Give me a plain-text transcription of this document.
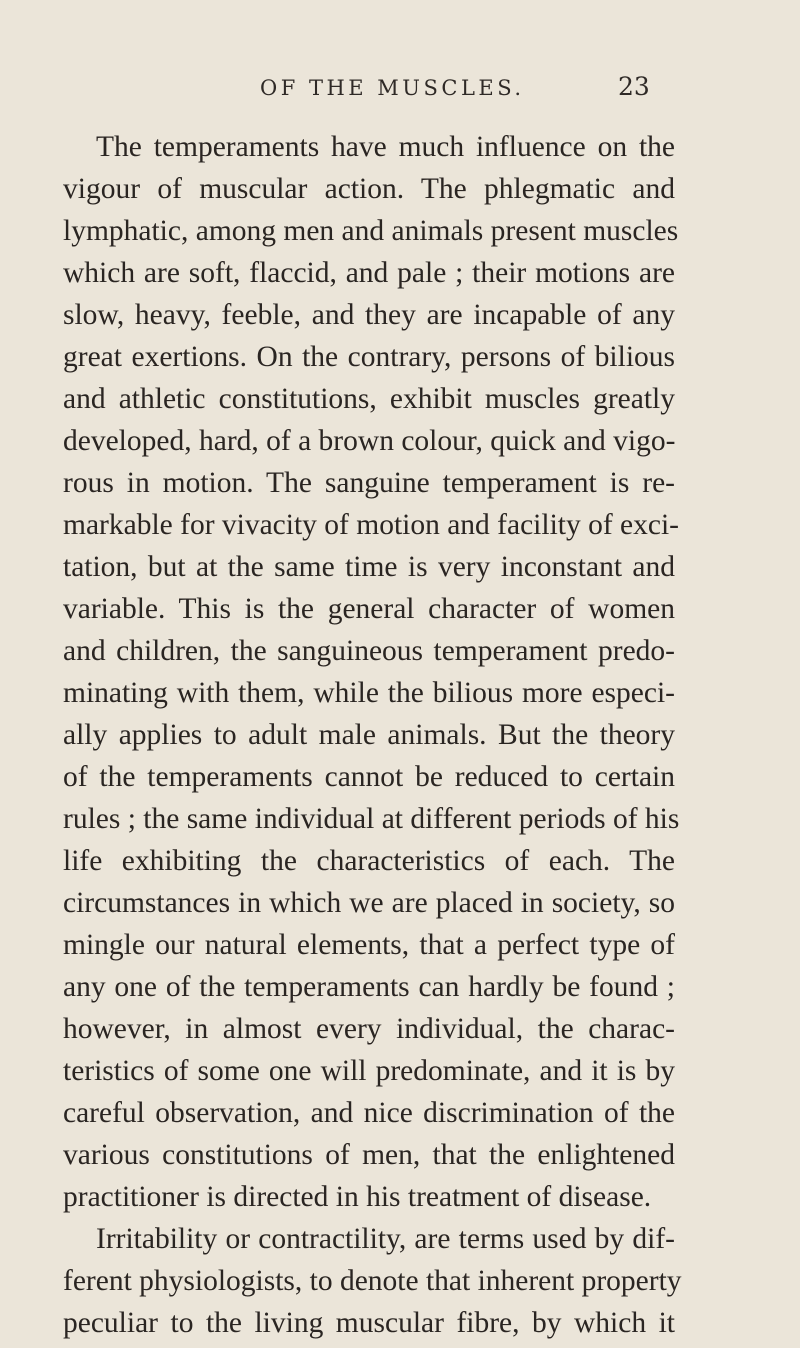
OF THE MUSCLES.	23
The temperaments have much influence on the
vigour of muscular action. The phlegmatic and
lymphatic, among men and animals present muscles
which are soft, flaccid, and pale ; their motions are
slow, heavy, feeble, and they are incapable of any
great exertions. On the contrary, persons of bilious
and athletic constitutions, exhibit muscles greatly
developed, hard, of a brown colour, quick and vigo-
rous in motion. The sanguine temperament is re-
markable for vivacity of motion and facility of exci-
tation, but at the same time is very inconstant and
variable. This is the general character of women
and children, the sanguineous temperament predo-
minating with them, while the bilious more especi-
ally applies to adult male animals. But the theory
of the temperaments cannot be reduced to certain
rules ; the same individual at different periods of his
life exhibiting the characteristics of each. The
circumstances in which we are placed in society, so
mingle our natural elements, that a perfect type of
any one of the temperaments can hardly be found ;
however, in almost every individual, the charac-
teristics of some one will predominate, and it is by
careful observation, and nice discrimination of the
various constitutions of men, that the enlightened
practitioner is directed in his treatment of disease.
Irritability or contractility, are terms used by dif-
ferent physiologists, to denote that inherent property
peculiar to the living muscular fibre, by which it
